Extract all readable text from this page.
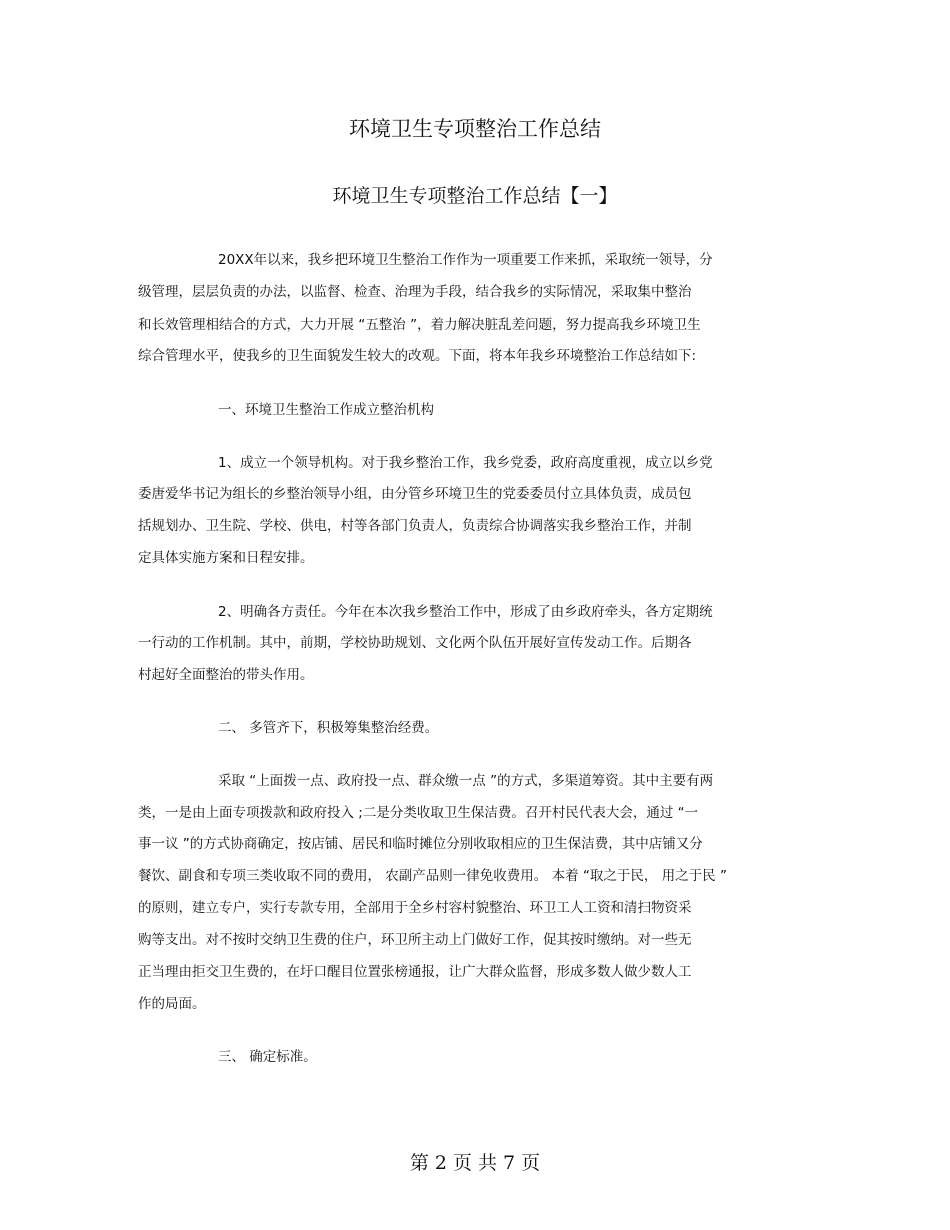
环境卫生专项整治工作总结
环境卫生专项整治工作总结【一】
20XX年以来，我乡把环境卫生整治工作作为一项重要工作来抓，采取统一领导，分
级管理，层层负责的办法，以监督、检查、治理为手段，结合我乡的实际情况，采取集中整治
和长效管理相结合的方式，大力开展 “五整治 ”，着力解决脏乱差问题，努力提高我乡环境卫生
综合管理水平，使我乡的卫生面貌发生较大的改观。下面，将本年我乡环境整治工作总结如下:
一、环境卫生整治工作成立整治机构
1、成立一个领导机构。对于我乡整治工作，我乡党委，政府高度重视，成立以乡党
委唐爱华书记为组长的乡整治领导小组，由分管乡环境卫生的党委委员付立具体负责，成员包
括规划办、卫生院、学校、供电，村等各部门负责人，负责综合协调落实我乡整治工作，并制
定具体实施方案和日程安排。
2、明确各方责任。今年在本次我乡整治工作中，形成了由乡政府牵头，各方定期统
一行动的工作机制。其中，前期，学校协助规划、文化两个队伍开展好宣传发动工作。后期各
村起好全面整治的带头作用。
二、 多管齐下，积极筹集整治经费。
采取 “上面拨一点、政府投一点、群众缴一点 ”的方式，多渠道筹资。其中主要有两
类，一是由上面专项拨款和政府投入 ;二是分类收取卫生保洁费。召开村民代表大会，通过 “一
事一议 ”的方式协商确定，按店铺、居民和临时摊位分别收取相应的卫生保洁费，其中店铺又分
餐饮、副食和专项三类收取不同的费用， 农副产品则一律免收费用。 本着 “取之于民， 用之于民 ”
的原则，建立专户，实行专款专用，全部用于全乡村容村貌整治、环卫工人工资和清扫物资采
购等支出。对不按时交纳卫生费的住户，环卫所主动上门做好工作，促其按时缴纳。对一些无
正当理由拒交卫生费的，在圩口醒目位置张榜通报，让广大群众监督，形成多数人做少数人工
作的局面。
三、 确定标准。
第 2 页 共 7 页
